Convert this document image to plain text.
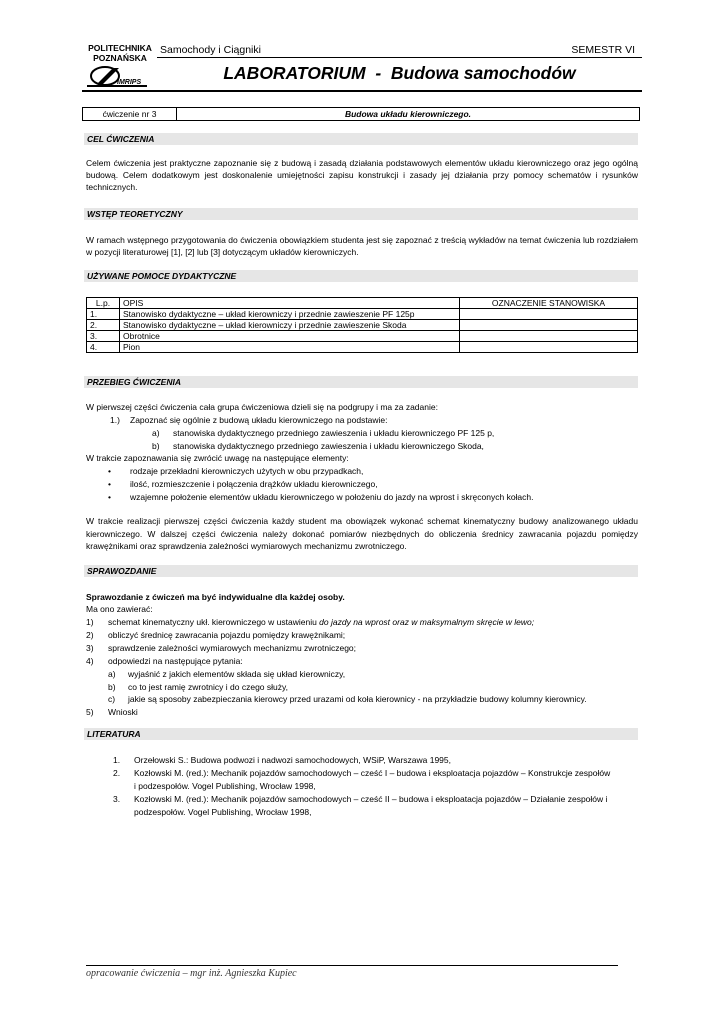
POLITECHNIKA
POZNAŃSKA
IMRIPS
Samochody i Ciągniki	SEMESTR VI
LABORATORIUM  -  Budowa samochodów
ćwiczenie nr 3	Budowa układu kierowniczego.
CEL ĆWICZENIA
Celem ćwiczenia jest praktyczne zapoznanie się z budową i zasadą działania podstawowych elementów układu kierowniczego oraz jego ogólną budową. Celem dodatkowym jest doskonalenie umiejętności zapisu konstrukcji i zasady jej działania przy pomocy schematów i rysunków technicznych.
WSTĘP TEORETYCZNY
W ramach wstępnego przygotowania do ćwiczenia obowiązkiem studenta jest się zapoznać z treścią wykładów na temat ćwiczenia lub rozdziałem w pozycji literaturowej [1], [2] lub [3] dotyczącym układów kierowniczych.
UŻYWANE POMOCE DYDAKTYCZNE
L.p.	OPIS	OZNACZENIE STANOWISKA
1.	Stanowisko dydaktyczne – układ kierowniczy i przednie zawieszenie PF 125p	
2.	Stanowisko dydaktyczne – układ kierowniczy i przednie zawieszenie Skoda	
3.	Obrotnice	
4.	Pion	
PRZEBIEG ĆWICZENIA
W pierwszej części ćwiczenia cała grupa ćwiczeniowa dzieli się na podgrupy i ma za zadanie:
1.) Zapoznać się ogólnie z budową układu kierowniczego na podstawie:
a) stanowiska dydaktycznego przedniego zawieszenia i układu kierowniczego PF 125 p,
b) stanowiska dydaktycznego przedniego zawieszenia i układu kierowniczego Skoda,
W trakcie zapoznawania się zwrócić uwagę na następujące elementy:
• rodzaje przekładni kierowniczych użytych w obu przypadkach,
• ilość, rozmieszczenie i połączenia drążków układu kierowniczego,
• wzajemne położenie elementów układu kierowniczego w położeniu do jazdy na wprost i skręconych kołach.
W trakcie realizacji pierwszej części ćwiczenia każdy student ma obowiązek wykonać schemat kinematyczny budowy analizowanego układu kierowniczego. W dalszej części ćwiczenia należy dokonać pomiarów niezbędnych do obliczenia średnicy zawracania pojazdu pomiędzy krawężnikami oraz sprawdzenia zależności wymiarowych mechanizmu zwrotniczego.
SPRAWOZDANIE
Sprawozdanie z ćwiczeń ma być indywidualne dla każdej osoby.
Ma ono zawierać:
1) schemat kinematyczny ukł. kierowniczego w ustawieniu do jazdy na wprost oraz w maksymalnym skręcie w lewo;
2) obliczyć średnicę zawracania pojazdu pomiędzy krawężnikami;
3) sprawdzenie zależności wymiarowych mechanizmu zwrotniczego;
4) odpowiedzi na następujące pytania:
a) wyjaśnić z jakich elementów składa się układ kierowniczy,
b) co to jest ramię zwrotnicy i do czego służy,
c) jakie są sposoby zabezpieczania kierowcy przed urazami od koła kierownicy - na przykładzie budowy kolumny kierownicy.
5) Wnioski
LITERATURA
1. Orzełowski S.: Budowa podwozi i nadwozi samochodowych, WSiP, Warszawa 1995,
2. Kozłowski M. (red.): Mechanik pojazdów samochodowych – cześć I – budowa i eksploatacja pojazdów – Konstrukcje zespołów
i podzespołów. Vogel Publishing, Wrocław 1998,
3. Kozłowski M. (red.): Mechanik pojazdów samochodowych – cześć II – budowa i eksploatacja pojazdów – Działanie zespołów i
podzespołów. Vogel Publishing, Wrocław 1998,
opracowanie ćwiczenia – mgr inż. Agnieszka Kupiec
